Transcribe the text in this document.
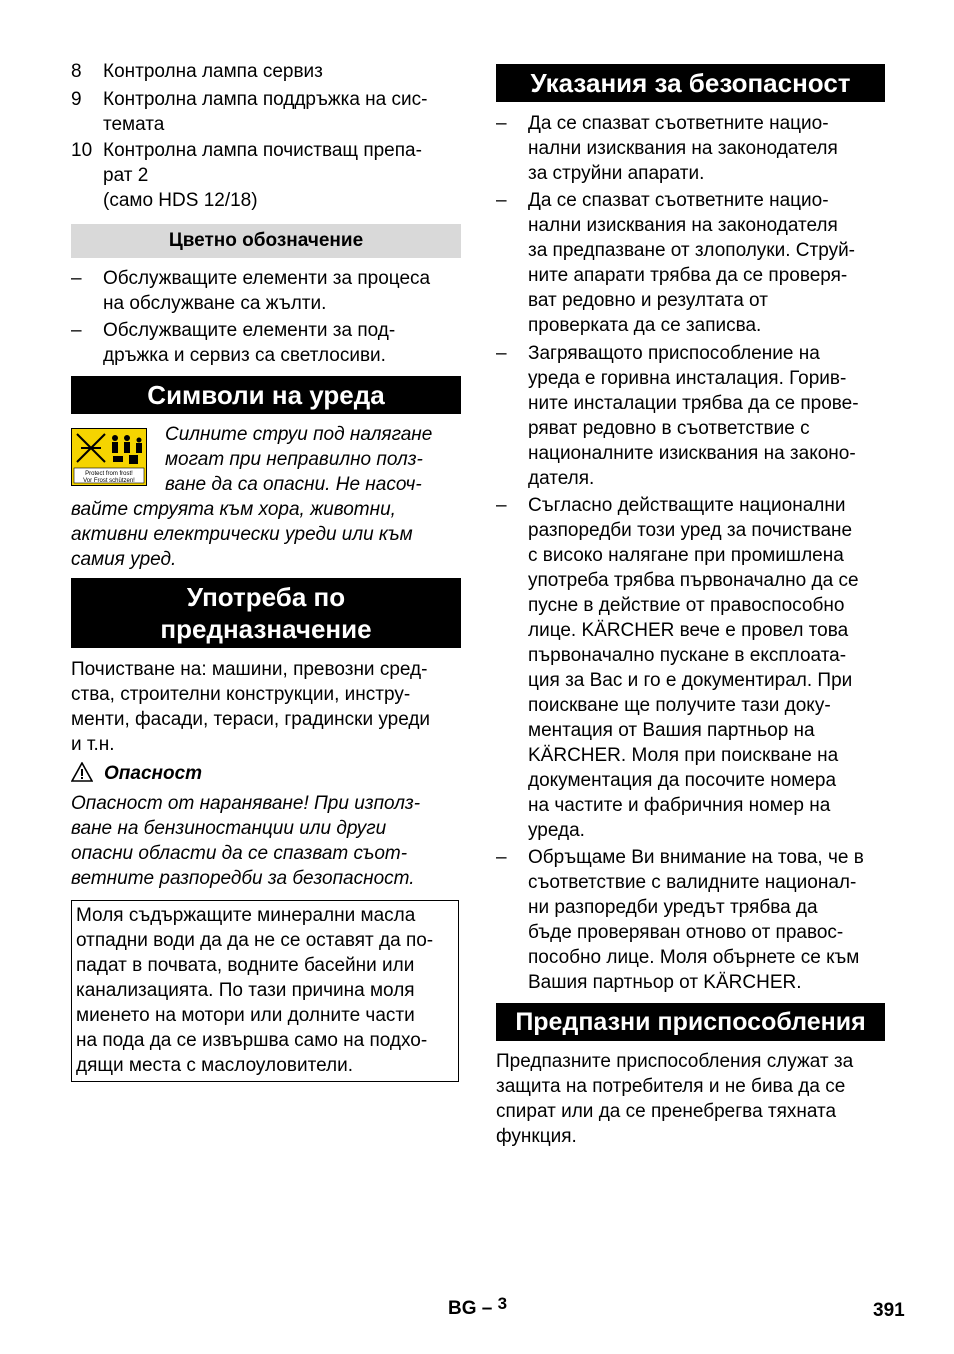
8	Контролна лампа сервиз
9	Контролна лампа поддръжка на сис-
темата
10 Контролна лампа почистващ препа-
рат 2
(само HDS 12/18)
Цветно обозначение
–	Обслужващите елементи за процеса
на обслужване са жълти.
–	Обслужващите елементи за под-
дръжка и сервиз са светлосиви.
Символи на уреда
Protect from frost!
Vor Frost schützen!
Силните струи под налягане
могат при неправилно полз-
ване да са опасни. Не насоч-
вайте струята към хора, животни,
активни електрически уреди или към
самия уред.
Употреба по
предназначение
Почистване на: машини, превозни сред-
ства, строителни конструкции, инстру-
менти, фасади, тераси, градински уреди
и т.н.
Опасност
Опасност от нараняване! При използ-
ване на бензиностанции или други
опасни области да се спазват съот-
ветните разпоредби за безопасност.
Моля съдържащите минерални масла
отпадни води да да не се оставят да по-
падат в почвата, водните басейни или
канализацията. По тази причина моля
миенето на мотори или долните части
на пода да се извършва само на подхо-
дящи места с маслоуловители.
Указания за безопасност
–	Да се спазват съответните нацио-
нални изисквания на законодателя
за струйни апарати.
–	Да се спазват съответните нацио-
нални изисквания на законодателя
за предпазване от злополуки. Струй-
ните апарати трябва да се проверя-
ват редовно и резултата от
проверката да се записва.
–	Загряващото приспособление на
уреда е горивна инсталация. Горив-
ните инсталации трябва да се прове-
ряват редовно в съответствие с
националните изисквания на законо-
дателя.
–	Съгласно действащите национални
разпоредби този уред за почистване
с високо налягане при промишлена
употреба трябва първоначално да се
пусне в действие от правоспособно
лице. KÄRCHER вече е провел това
първоначално пускане в експлоата-
ция за Вас и го е документирал. При
поискване ще получите тази доку-
ментация от Вашия партньор на
KÄRCHER. Моля при поискване на
документация да посочите номера
на частите и фабричния номер на
уреда.
–	Обръщаме Ви внимание на това, че в
съответствие с валидните национал-
ни разпоредби уредът трябва да
бъде проверяван отново от правос-
пособно лице. Моля обърнете се към
Вашия партньор от KÄRCHER.
Предпазни приспособления
Предпазните приспособления служат за
защита на потребителя и не бива да се
спират или да се пренебрегва тяхната
функция.
BG – 3	391
